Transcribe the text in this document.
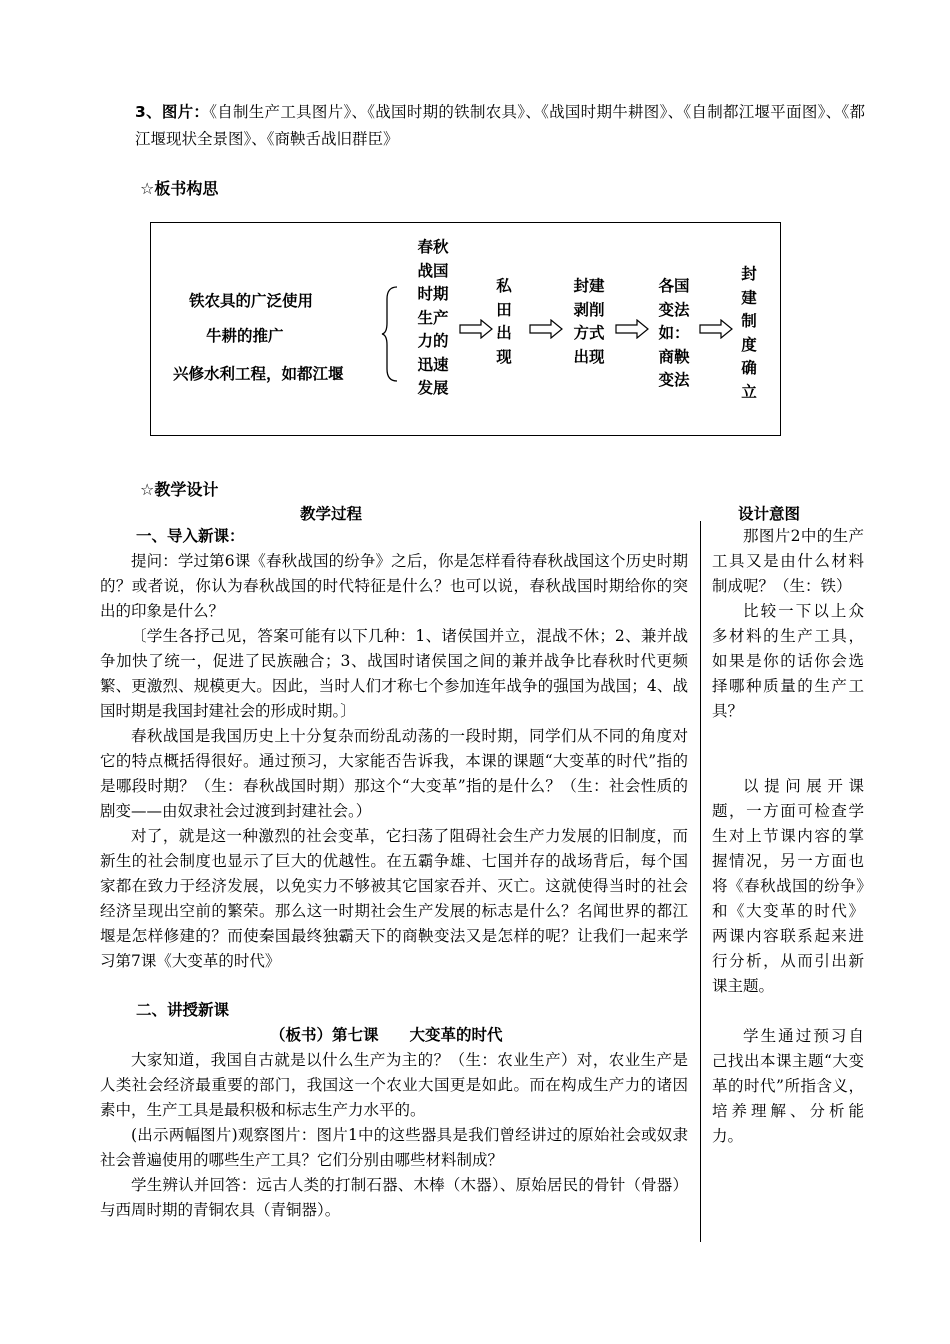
3、图片：《自制生产工具图片》、《战国时期的铁制农具》、《战国时期牛耕图》、《自制都江堰平面图》、《都江堰现状全景图》、《商鞅舌战旧群臣》
☆板书构思
铁农具的广泛使用
牛耕的推广
兴修水利工程，如都江堰
春秋战国时期生产力的迅速发展
私田出现
封建剥削方式出现
各国变法如：商鞅变法
封建制度确立
☆教学设计
教学过程	设计意图
一、导入新课：
提问：学过第6课《春秋战国的纷争》之后，你是怎样看待春秋战国这个历史时期的？或者说，你认为春秋战国的时代特征是什么？也可以说，春秋战国时期给你的突出的印象是什么？
〔学生各抒己见，答案可能有以下几种：1、诸侯国并立，混战不休；2、兼并战争加快了统一，促进了民族融合；3、战国时诸侯国之间的兼并战争比春秋时代更频繁、更激烈、规模更大。因此，当时人们才称七个参加连年战争的强国为战国；4、战国时期是我国封建社会的形成时期。〕
春秋战国是我国历史上十分复杂而纷乱动荡的一段时期，同学们从不同的角度对它的特点概括得很好。通过预习，大家能否告诉我，本课的课题“大变革的时代”指的是哪段时期？（生：春秋战国时期）那这个“大变革”指的是什么？（生：社会性质的剧变——由奴隶社会过渡到封建社会。）
对了，就是这一种激烈的社会变革，它扫荡了阻碍社会生产力发展的旧制度，而新生的社会制度也显示了巨大的优越性。在五霸争雄、七国并存的战场背后，每个国家都在致力于经济发展，以免实力不够被其它国家吞并、灭亡。这就使得当时的社会经济呈现出空前的繁荣。那么这一时期社会生产发展的标志是什么？名闻世界的都江堰是怎样修建的？而使秦国最终独霸天下的商鞅变法又是怎样的呢？让我们一起来学习第7课《大变革的时代》
二、讲授新课
（板书）第七课　　大变革的时代
大家知道，我国自古就是以什么生产为主的？（生：农业生产）对，农业生产是人类社会经济最重要的部门，我国这一个农业大国更是如此。而在构成生产力的诸因素中，生产工具是最积极和标志生产力水平的。
(出示两幅图片)观察图片：图片1中的这些器具是我们曾经讲过的原始社会或奴隶社会普遍使用的哪些生产工具？它们分别由哪些材料制成？
学生辨认并回答：远古人类的打制石器、木棒（木器）、原始居民的骨针（骨器）与西周时期的青铜农具（青铜器）。
那图片2中的生产工具又是由什么材料制成呢？（生：铁）
比较一下以上众多材料的生产工具，如果是你的话你会选择哪种质量的生产工具？
以提问展开课题，一方面可检查学生对上节课内容的掌握情况，另一方面也将《春秋战国的纷争》和《大变革的时代》两课内容联系起来进行分析，从而引出新课主题。
学生通过预习自己找出本课主题“大变革的时代”所指含义，培养理解、分析能力。
